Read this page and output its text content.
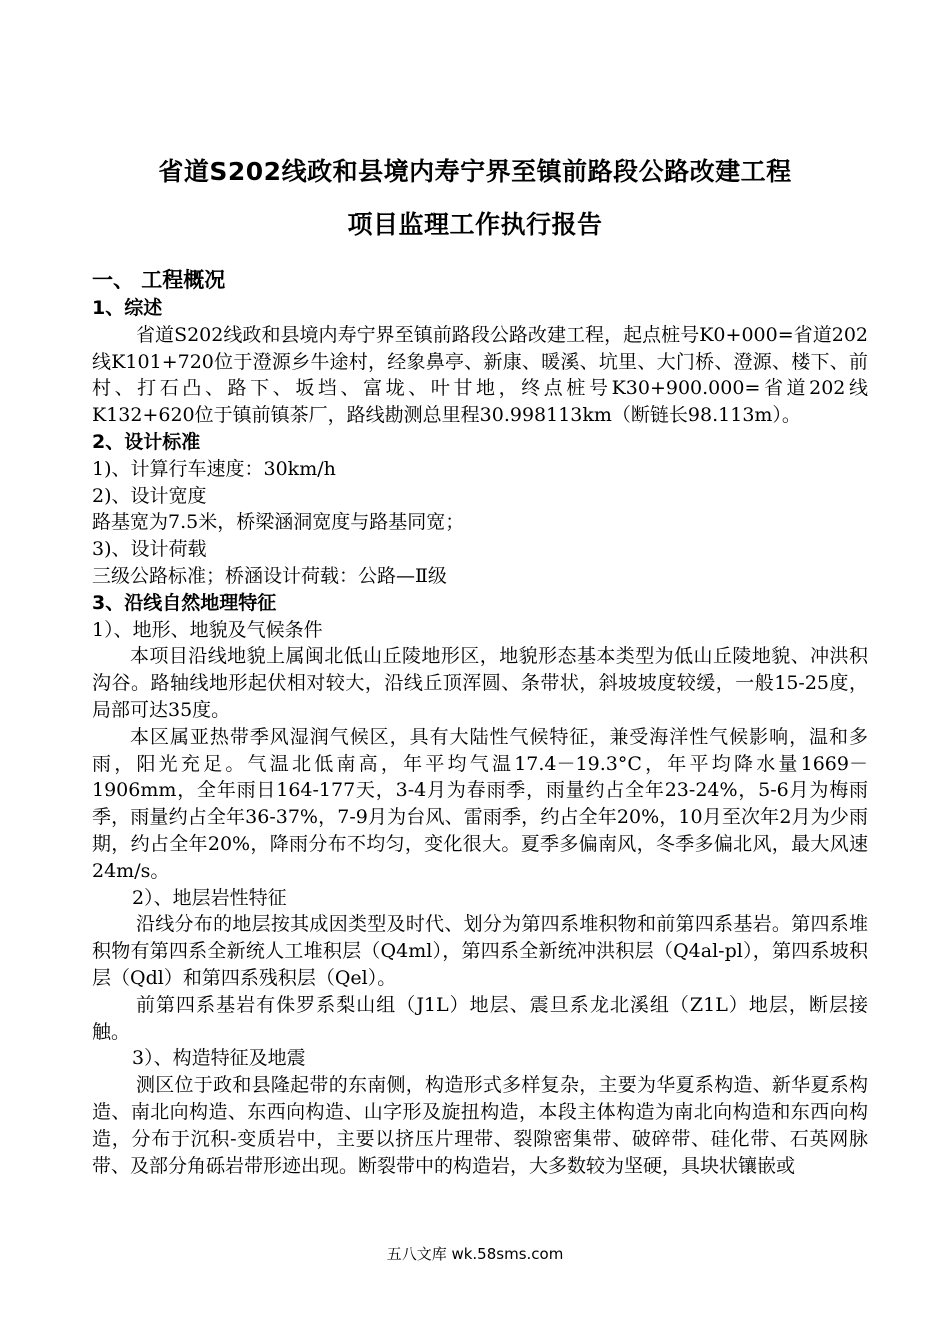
省道S202线政和县境内寿宁界至镇前路段公路改建工程
项目监理工作执行报告

一、 工程概况

1、综述

省道S202线政和县境内寿宁界至镇前路段公路改建工程，起点桩号K0+000=省道202线K101+720位于澄源乡牛途村，经象鼻亭、新康、暖溪、坑里、大门桥、澄源、楼下、前村、打石凸、路下、坂垱、富垅、叶甘地，终点桩号K30+900.000=省道202线K132+620位于镇前镇茶厂，路线勘测总里程30.998113km（断链长98.113m）。

2、设计标准

1)、计算行车速度：30km/h

2)、设计宽度

路基宽为7.5米，桥梁涵洞宽度与路基同宽；

3)、设计荷载

三级公路标准；桥涵设计荷载：公路—Ⅱ级

3、沿线自然地理特征

1）、地形、地貌及气候条件

本项目沿线地貌上属闽北低山丘陵地形区，地貌形态基本类型为低山丘陵地貌、冲洪积沟谷。路轴线地形起伏相对较大，沿线丘顶浑圆、条带状，斜坡坡度较缓，一般15-25度，局部可达35度。

本区属亚热带季风湿润气候区，具有大陆性气候特征，兼受海洋性气候影响，温和多雨，阳光充足。气温北低南高，年平均气温17.4－19.3°C，年平均降水量1669－1906mm，全年雨日164-177天，3-4月为春雨季，雨量约占全年23-24%，5-6月为梅雨季，雨量约占全年36-37%，7-9月为台风、雷雨季，约占全年20%，10月至次年2月为少雨期，约占全年20%，降雨分布不均匀，变化很大。夏季多偏南风，冬季多偏北风，最大风速24m/s。

2）、地层岩性特征

沿线分布的地层按其成因类型及时代、划分为第四系堆积物和前第四系基岩。第四系堆积物有第四系全新统人工堆积层（Q4ml），第四系全新统冲洪积层（Q4al-pl），第四系坡积层（Qdl）和第四系残积层（Qel）。

前第四系基岩有侏罗系梨山组（J1L）地层、震旦系龙北溪组（Z1L）地层，断层接触。

3）、构造特征及地震

测区位于政和县隆起带的东南侧，构造形式多样复杂，主要为华夏系构造、新华夏系构造、南北向构造、东西向构造、山字形及旋扭构造，本段主体构造为南北向构造和东西向构造，分布于沉积-变质岩中，主要以挤压片理带、裂隙密集带、破碎带、硅化带、石英网脉带、及部分角砾岩带形迹出现。断裂带中的构造岩，大多数较为坚硬，具块状镶嵌或

五八文库 wk.58sms.com
